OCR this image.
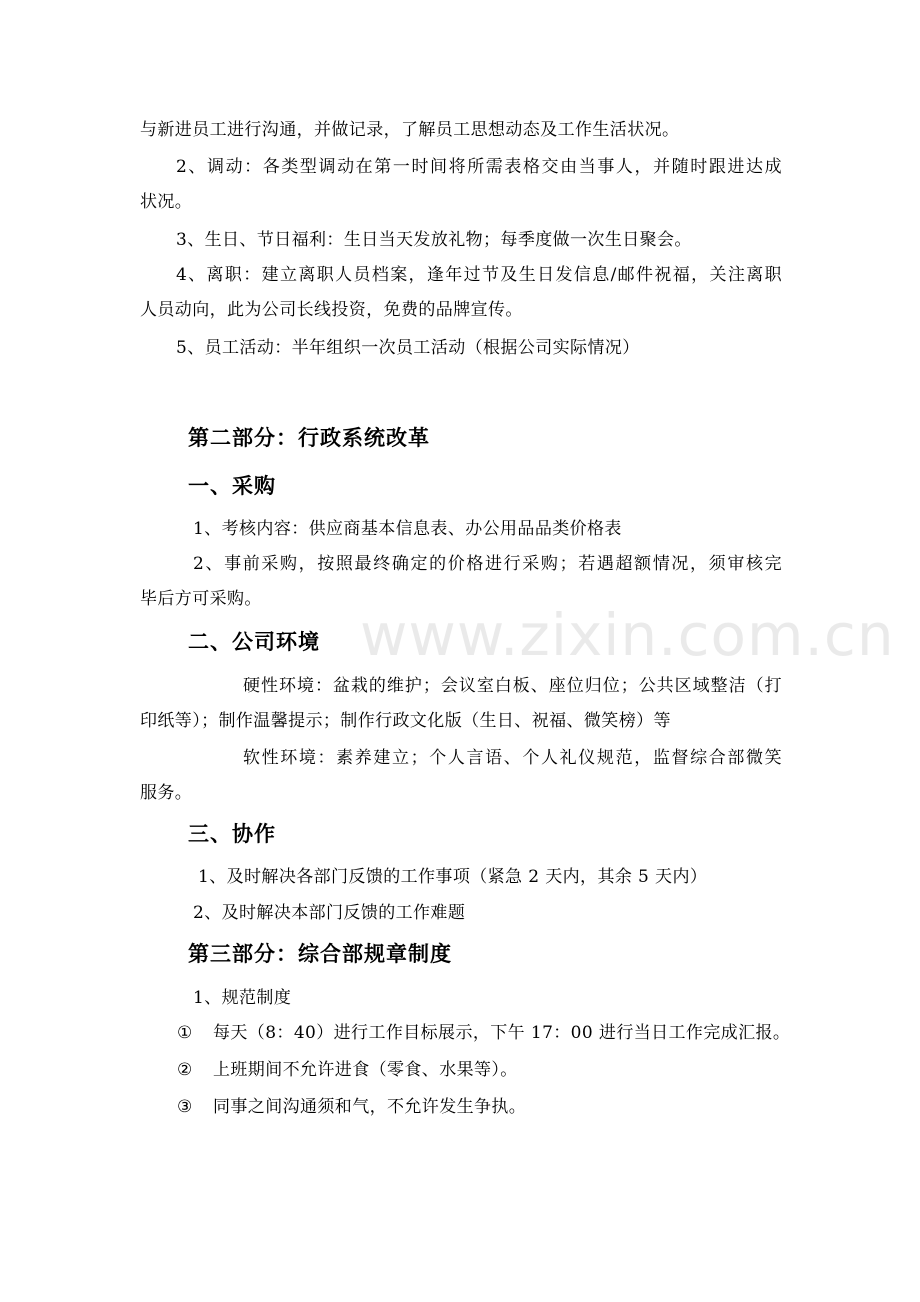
www.zixin.com.cn
与新进员工进行沟通，并做记录，了解员工思想动态及工作生活状况。
2、调动：各类型调动在第一时间将所需表格交由当事人，并随时跟进达成
状况。
3、生日、节日福利：生日当天发放礼物；每季度做一次生日聚会。
4、离职：建立离职人员档案，逢年过节及生日发信息/邮件祝福，关注离职
人员动向，此为公司长线投资，免费的品牌宣传。
5、员工活动：半年组织一次员工活动（根据公司实际情况）
第二部分：行政系统改革
一、采购
1、考核内容：供应商基本信息表、办公用品品类价格表
2、事前采购，按照最终确定的价格进行采购；若遇超额情况，须审核完
毕后方可采购。
二、公司环境
硬性环境：盆栽的维护；会议室白板、座位归位；公共区域整洁（打
印纸等）；制作温馨提示；制作行政文化版（生日、祝福、微笑榜）等
软性环境：素养建立；个人言语、个人礼仪规范，监督综合部微笑
服务。
三、协作
1、及时解决各部门反馈的工作事项（紧急 2 天内，其余 5 天内）
2、及时解决本部门反馈的工作难题
第三部分：综合部规章制度
1、规范制度
① 每天（8：40）进行工作目标展示，下午 17：00 进行当日工作完成汇报。
② 上班期间不允许进食（零食、水果等）。
③ 同事之间沟通须和气，不允许发生争执。
